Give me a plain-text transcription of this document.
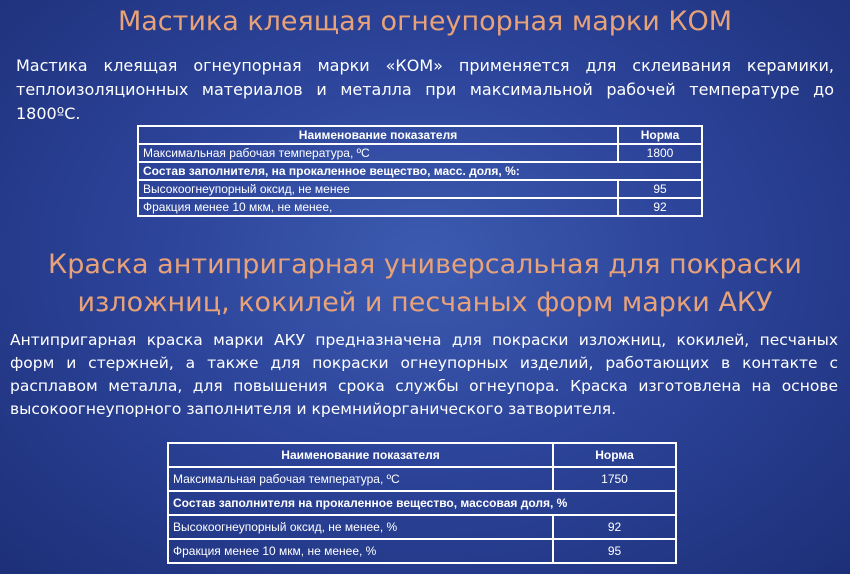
Мастика клеящая огнеупорная марки КОМ

Мастика клеящая огнеупорная марки «КОМ» применяется для склеивания керамики,
теплоизоляционных материалов и металла при максимальной рабочей температуре до
1800ºС.

Наименование показателя	Норма
Максимальная рабочая температура, ºС	1800
Состав заполнителя, на прокаленное вещество, масс. доля, %:	
Высокоогнеупорный оксид, не менее	95
Фракция менее 10 мкм, не менее,	92
Краска антипригарная универсальная для покраски
изложниц, кокилей и песчаных форм марки АКУ

Антипригарная краска марки АКУ предназначена для покраски изложниц, кокилей, песчаных
форм и стержней, а также для покраски огнеупорных изделий, работающих в контакте с
расплавом металла, для повышения срока службы огнеупора. Краска изготовлена на основе
высокоогнеупорного заполнителя и кремнийорганического затворителя.

Наименование показателя	Норма
Максимальная рабочая температура, ºС	1750
Состав заполнителя на прокаленное вещество, массовая доля, %	
Высокоогнеупорный оксид, не менее, %	92
Фракция менее 10 мкм, не менее, %	95
